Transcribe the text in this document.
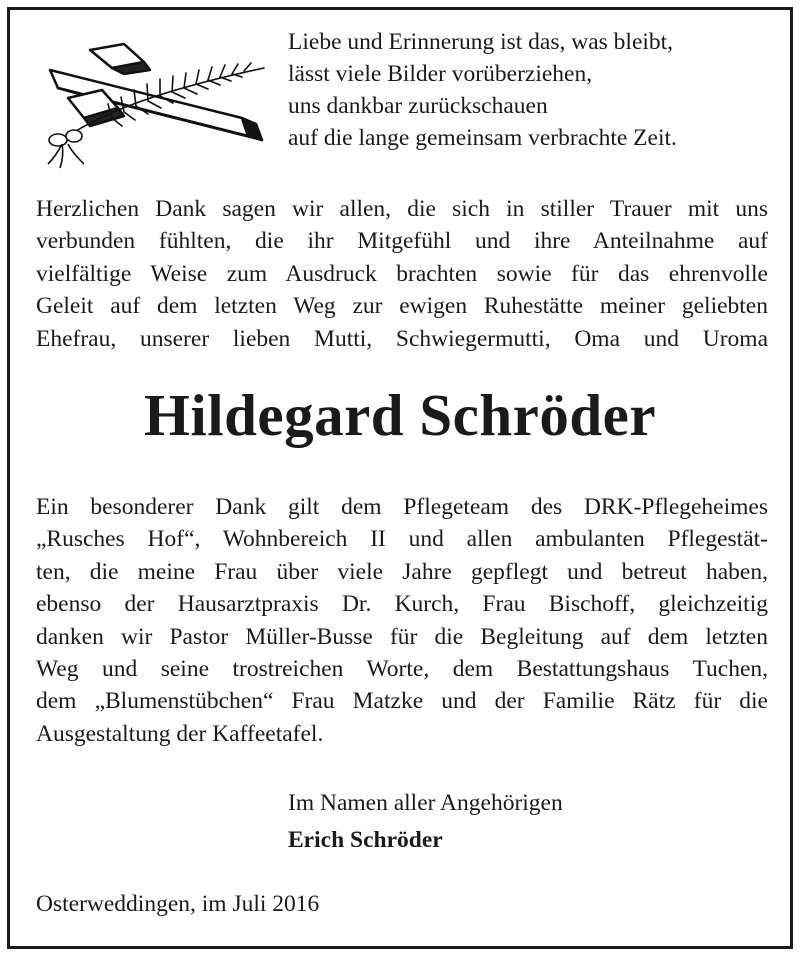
Liebe und Erinnerung ist das, was bleibt,
lässt viele Bilder vorüberziehen,
uns dankbar zurückschauen
auf die lange gemeinsam verbrachte Zeit.

Herzlichen Dank sagen wir allen, die sich in stiller Trauer mit uns
verbunden fühlten, die ihr Mitgefühl und ihre Anteilnahme auf
vielfältige Weise zum Ausdruck brachten sowie für das ehrenvolle
Geleit auf dem letzten Weg zur ewigen Ruhestätte meiner geliebten
Ehefrau, unserer lieben Mutti, Schwiegermutti, Oma und Uroma

Hildegard Schröder

Ein besonderer Dank gilt dem Pflegeteam des DRK-Pflegeheimes
„Rusches Hof“, Wohnbereich II und allen ambulanten Pflegestät-
ten, die meine Frau über viele Jahre gepflegt und betreut haben,
ebenso der Hausarztpraxis Dr. Kurch, Frau Bischoff, gleichzeitig
danken wir Pastor Müller-Busse für die Begleitung auf dem letzten
Weg und seine trostreichen Worte, dem Bestattungshaus Tuchen,
dem „Blumenstübchen“ Frau Matzke und der Familie Rätz für die
Ausgestaltung der Kaffeetafel.

Im Namen aller Angehörigen

Erich Schröder

Osterweddingen, im Juli 2016
